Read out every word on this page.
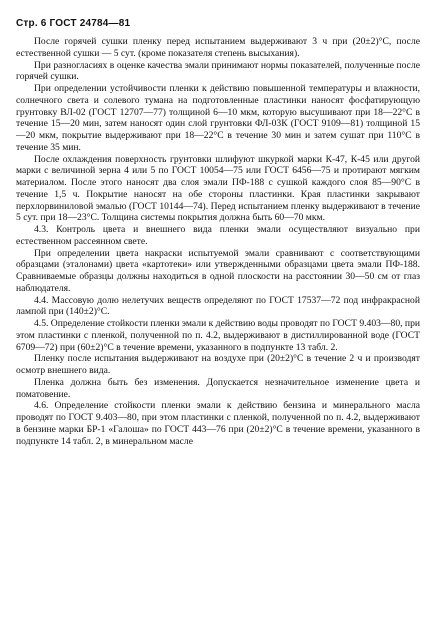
Стр. 6 ГОСТ 24784—81

После горячей сушки пленку перед испытанием выдерживают 3 ч при (20±2)°С, после естественной сушки — 5 сут. (кроме показателя степень высыхания).

При разногласиях в оценке качества эмали принимают нормы показателей, полученные после горячей сушки.

При определении устойчивости пленки к действию повышенной температуры и влажности, солнечного света и солевого тумана на подготовленные пластинки наносят фосфатирующую грунтовку ВЛ-02 (ГОСТ 12707—77) толщиной 6—10 мкм, которую высушивают при 18—22°С в течение 15—20 мин, затем наносят один слой грунтовки ФЛ-03К (ГОСТ 9109—81) толщиной 15—20 мкм, покрытие выдерживают при 18—22°С в течение 30 мин и затем сушат при 110°С в течение 35 мин.

После охлаждения поверхность грунтовки шлифуют шкуркой марки К-47, К-45 или другой марки с величиной зерна 4 или 5 по ГОСТ 10054—75 или ГОСТ 6456—75 и протирают мягким материалом. После этого наносят два слоя эмали ПФ-188 с сушкой каждого слоя 85—90°С в течение 1,5 ч. Покрытие наносят на обе стороны пластинки. Края пластинки закрывают перхлорвиниловой эмалью (ГОСТ 10144—74). Перед испытанием пленку выдерживают в течение 5 сут. при 18—23°С. Толщина системы покрытия должна быть 60—70 мкм.

4.3. Контроль цвета и внешнего вида пленки эмали осуществляют визуально при естественном рассеянном свете.

При определении цвета накраски испытуемой эмали сравнивают с соответствующими образцами (эталонами) цвета «картотеки» или утвержденными образцами цвета эмали ПФ-188. Сравниваемые образцы должны находиться в одной плоскости на расстоянии 30—50 см от глаз наблюдателя.

4.4. Массовую долю нелетучих веществ определяют по ГОСТ 17537—72 под инфракрасной лампой при (140±2)°С.

4.5. Определение стойкости пленки эмали к действию воды проводят по ГОСТ 9.403—80, при этом пластинки с пленкой, полученной по п. 4.2, выдерживают в дистиллированной воде (ГОСТ 6709—72) при (60±2)°С в течение времени, указанного в подпункте 13 табл. 2.

Пленку после испытания выдерживают на воздухе при (20±2)°С в течение 2 ч и производят осмотр внешнего вида.

Пленка должна быть без изменения. Допускается незначительное изменение цвета и поматовение.

4.6. Определение стойкости пленки эмали к действию бензина и минерального масла проводят по ГОСТ 9.403—80, при этом пластинки с пленкой, полученной по п. 4.2, выдерживают в бензине марки БР-1 «Галоша» по ГОСТ 443—76 при (20±2)°С в течение времени, указанного в подпункте 14 табл. 2, в минеральном масле
